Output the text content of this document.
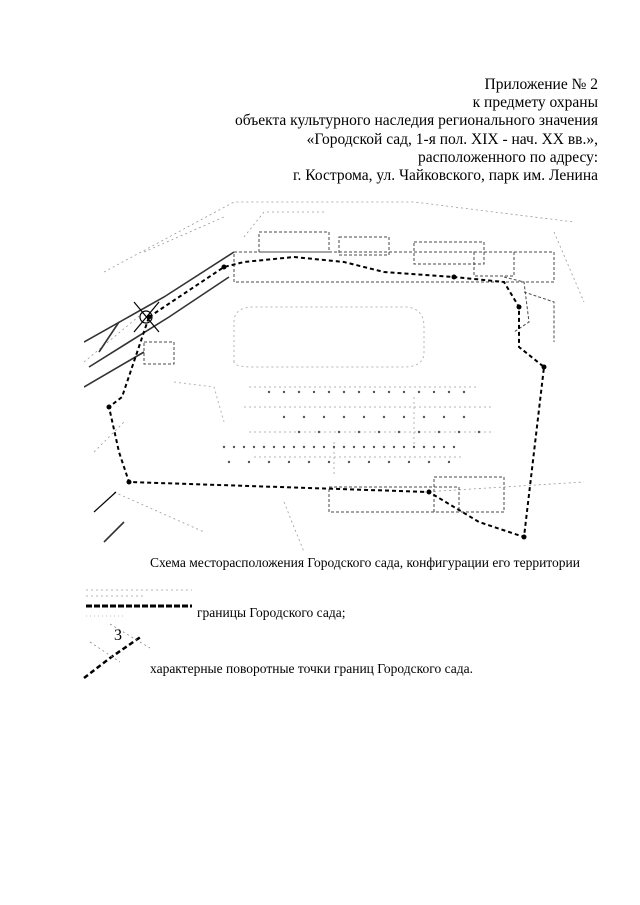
Приложение № 2
к предмету охраны
объекта культурного наследия регионального значения
«Городской сад, 1-я пол. XIX - нач. XX вв.»,
расположенного по адресу:
г. Кострома, ул. Чайковского, парк им. Ленина
Схема месторасположения Городского сада, конфигурации его территории
границы Городского сада;
3
характерные поворотные точки границ Городского сада.
